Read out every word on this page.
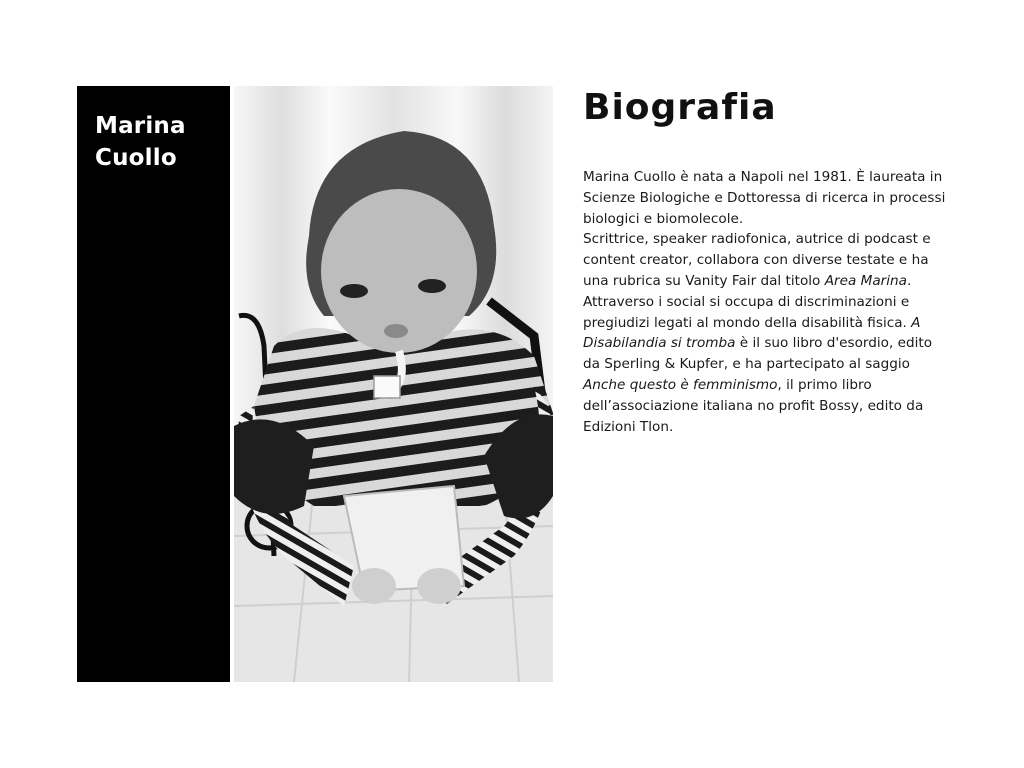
Marina
Cuollo
Biografia

Marina Cuollo è nata a Napoli nel 1981. È laureata in Scienze Biologiche e Dottoressa di ricerca in processi biologici e biomolecole.

Scrittrice, speaker radiofonica, autrice di podcast e content creator, collabora con diverse testate e ha una rubrica su Vanity Fair dal titolo Area Marina.

Attraverso i social si occupa di discriminazioni e pregiudizi legati al mondo della disabilità fisica. A Disabilandia si tromba è il suo libro d'esordio, edito da Sperling & Kupfer, e ha partecipato al saggio Anche questo è femminismo, il primo libro dell’associazione italiana no profit Bossy, edito da Edizioni Tlon.
